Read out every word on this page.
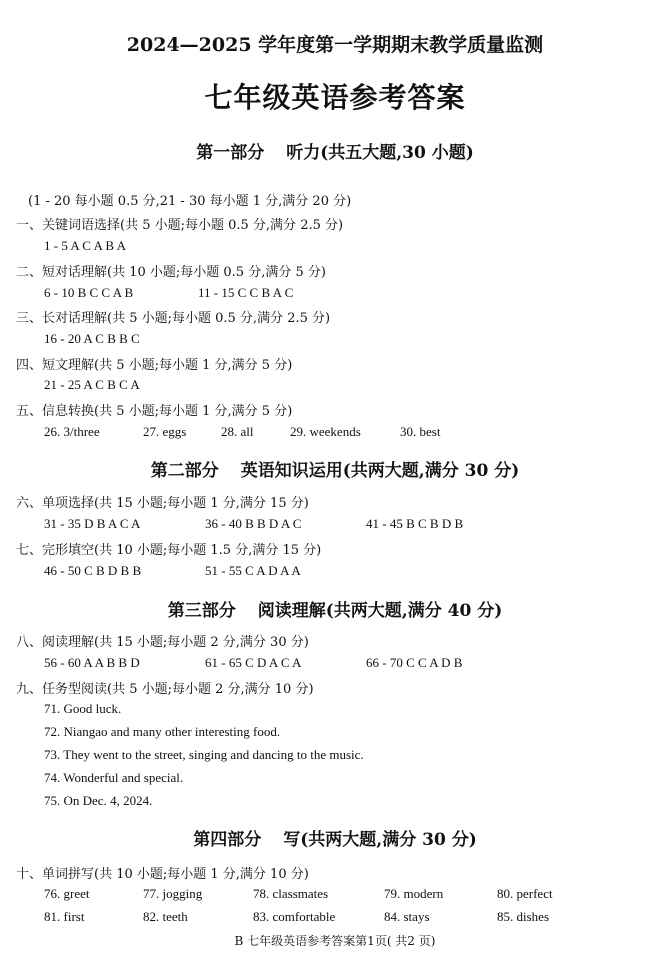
2024—2025 学年度第一学期期末教学质量监测
七年级英语参考答案
第一部分 听力(共五大题,30 小题)
(1 - 20 每小题 0.5 分,21 - 30 每小题 1 分,满分 20 分)
一、关键词语选择(共 5 小题;每小题 0.5 分,满分 2.5 分)
1 - 5 A C A B A
二、短对话理解(共 10 小题;每小题 0.5 分,满分 5 分)
6 - 10 B C C A B	11 - 15 C C B A C
三、长对话理解(共 5 小题;每小题 0.5 分,满分 2.5 分)
16 - 20 A C B B C
四、短文理解(共 5 小题;每小题 1 分,满分 5 分)
21 - 25 A C B C A
五、信息转换(共 5 小题;每小题 1 分,满分 5 分)
26. 3/three	27. eggs	28. all	29. weekends	30. best
第二部分 英语知识运用(共两大题,满分 30 分)
六、单项选择(共 15 小题;每小题 1 分,满分 15 分)
31 - 35 D B A C A	36 - 40 B B D A C	41 - 45 B C B D B
七、完形填空(共 10 小题;每小题 1.5 分,满分 15 分)
46 - 50 C B D B B	51 - 55 C A D A A
第三部分 阅读理解(共两大题,满分 40 分)
八、阅读理解(共 15 小题;每小题 2 分,满分 30 分)
56 - 60 A A B B D	61 - 65 C D A C A	66 - 70 C C A D B
九、任务型阅读(共 5 小题;每小题 2 分,满分 10 分)
71. Good luck.
72. Niangao and many other interesting food.
73. They went to the street, singing and dancing to the music.
74. Wonderful and special.
75. On Dec. 4, 2024.
第四部分 写(共两大题,满分 30 分)
十、单词拼写(共 10 小题;每小题 1 分,满分 10 分)
76. greet	77. jogging	78. classmates	79. modern	80. perfect
81. first	82. teeth	83. comfortable	84. stays	85. dishes
B 七年级英语参考答案第1页( 共2 页)
